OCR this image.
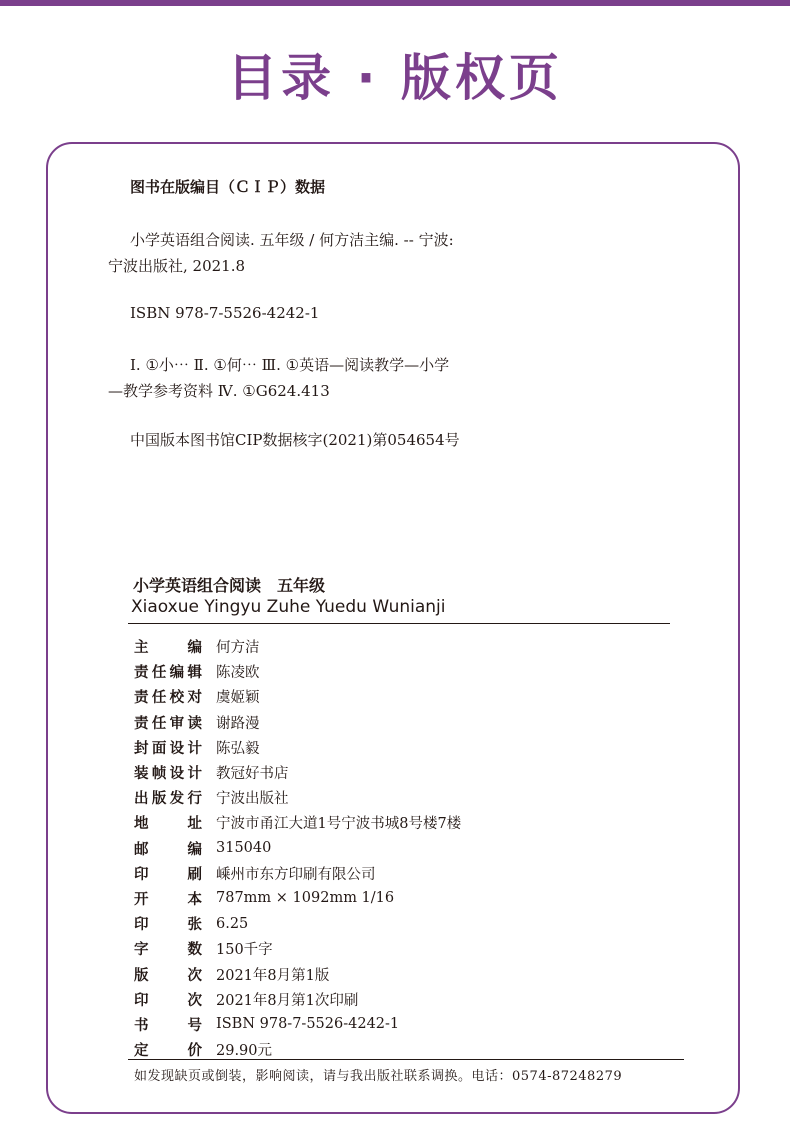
目录 · 版权页
图书在版编目（ＣＩＰ）数据
小学英语组合阅读. 五年级 / 何方洁主编. -- 宁波:
宁波出版社, 2021.8
ISBN 978-7-5526-4242-1
Ⅰ. ①小⋯ Ⅱ. ①何⋯ Ⅲ. ①英语—阅读教学—小学
—教学参考资料 Ⅳ. ①G624.413
中国版本图书馆CIP数据核字(2021)第054654号
小学英语组合阅读　五年级
Xiaoxue Yingyu Zuhe Yuedu Wunianji
主编 何方洁
责任编辑 陈凌欧
责任校对 虞姬颖
责任审读 谢路漫
封面设计 陈弘毅
装帧设计 教冠好书店
出版发行 宁波出版社
地址 宁波市甬江大道1号宁波书城8号楼7楼
邮编 315040
印刷 嵊州市东方印刷有限公司
开本 787mm × 1092mm 1/16
印张 6.25
字数 150千字
版次 2021年8月第1版
印次 2021年8月第1次印刷
书号 ISBN 978-7-5526-4242-1
定价 29.90元
如发现缺页或倒装，影响阅读，请与我出版社联系调换。电话：0574-87248279
